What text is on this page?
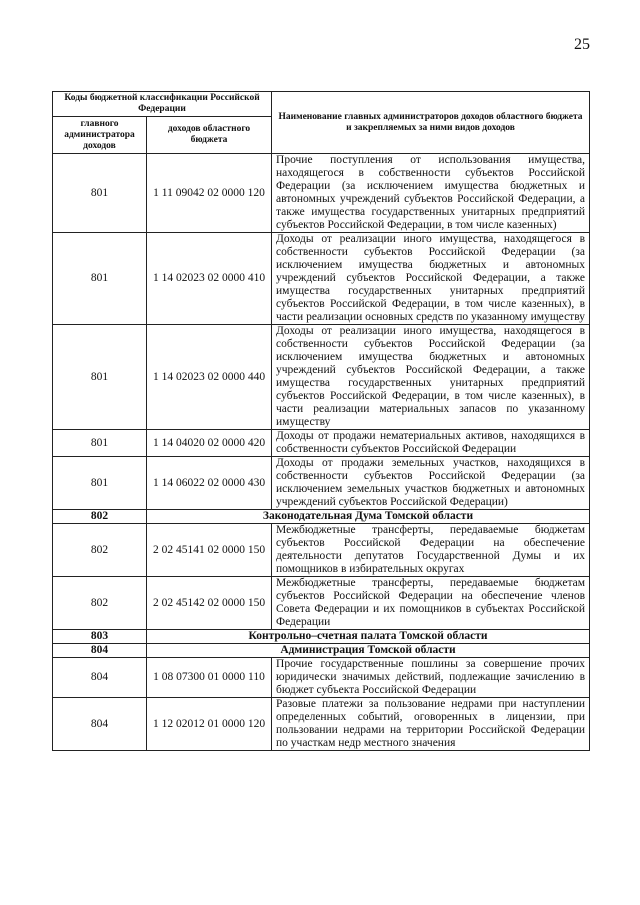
25
Коды бюджетной классификации Российской Федерации		Наименование главных администраторов доходов областного бюджета и закрепляемых за ними видов доходов
главного администратора доходов	доходов областного бюджета	
801	1 11 09042 02 0000 120	Прочие поступления от использования имущества, находящегося в собственности субъектов Российской Федерации (за исключением имущества бюджетных и автономных учреждений субъектов Российской Федерации, а также имущества государственных унитарных предприятий субъектов Российской Федерации, в том числе казенных)
801	1 14 02023 02 0000 410	Доходы от реализации иного имущества, находящегося в собственности субъектов Российской Федерации (за исключением имущества бюджетных и автономных учреждений субъектов Российской Федерации, а также имущества государственных унитарных предприятий субъектов Российской Федерации, в том числе казенных), в части реализации основных средств по указанному имуществу
801	1 14 02023 02 0000 440	Доходы от реализации иного имущества, находящегося в собственности субъектов Российской Федерации (за исключением имущества бюджетных и автономных учреждений субъектов Российской Федерации, а также имущества государственных унитарных предприятий субъектов Российской Федерации, в том числе казенных), в части реализации материальных запасов по указанному имуществу
801	1 14 04020 02 0000 420	Доходы от продажи нематериальных активов, находящихся в собственности субъектов Российской Федерации
801	1 14 06022 02 0000 430	Доходы от продажи земельных участков, находящихся в собственности субъектов Российской Федерации (за исключением земельных участков бюджетных и автономных учреждений субъектов Российской Федерации)
802	Законодательная Дума Томской области	
802	2 02 45141 02 0000 150	Межбюджетные трансферты, передаваемые бюджетам субъектов Российской Федерации на обеспечение деятельности депутатов Государственной Думы и их помощников в избирательных округах
802	2 02 45142 02 0000 150	Межбюджетные трансферты, передаваемые бюджетам субъектов Российской Федерации на обеспечение членов Совета Федерации и их помощников в субъектах Российской Федерации
803	Контрольно–счетная палата Томской области	
804	Администрация Томской области	
804	1 08 07300 01 0000 110	Прочие государственные пошлины за совершение прочих юридически значимых действий, подлежащие зачислению в бюджет субъекта Российской Федерации
804	1 12 02012 01 0000 120	Разовые платежи за пользование недрами при наступлении определенных событий, оговоренных в лицензии, при пользовании недрами на территории Российской Федерации по участкам недр местного значения
